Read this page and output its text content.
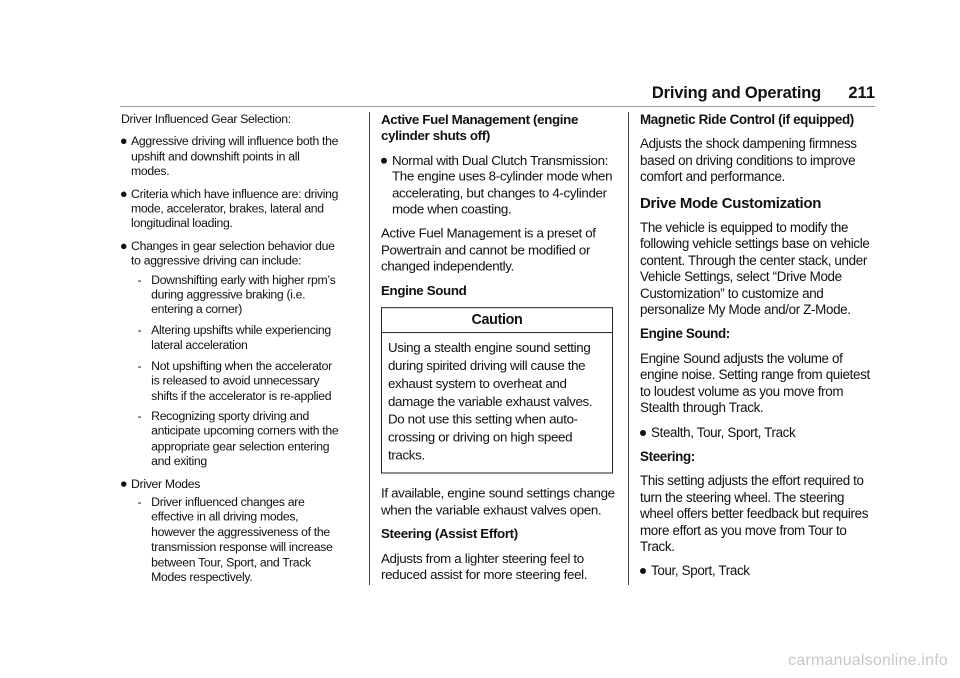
Driving and Operating 211

Driver Influenced Gear Selection:

Aggressive driving will influence both the upshift and downshift points in all modes.
Criteria which have influence are: driving mode, accelerator, brakes, lateral and longitudinal loading.
Changes in gear selection behavior due to aggressive driving can include:
- Downshifting early with higher rpm’s during aggressive braking (i.e. entering a corner)
- Altering upshifts while experiencing lateral acceleration
- Not upshifting when the accelerator is released to avoid unnecessary shifts if the accelerator is re-applied
- Recognizing sporty driving and anticipate upcoming corners with the appropriate gear selection entering and exiting
Driver Modes
- Driver influenced changes are effective in all driving modes, however the aggressiveness of the transmission response will increase between Tour, Sport, and Track Modes respectively.

Active Fuel Management (engine cylinder shuts off)

Normal with Dual Clutch Transmission: The engine uses 8-cylinder mode when accelerating, but changes to 4-cylinder mode when coasting.

Active Fuel Management is a preset of Powertrain and cannot be modified or changed independently.

Engine Sound

Caution
Using a stealth engine sound setting during spirited driving will cause the exhaust system to overheat and damage the variable exhaust valves. Do not use this setting when auto-crossing or driving on high speed tracks.

If available, engine sound settings change when the variable exhaust valves open.

Steering (Assist Effort)

Adjusts from a lighter steering feel to reduced assist for more steering feel.

Magnetic Ride Control (if equipped)

Adjusts the shock dampening firmness based on driving conditions to improve comfort and performance.

Drive Mode Customization

The vehicle is equipped to modify the following vehicle settings base on vehicle content. Through the center stack, under Vehicle Settings, select “Drive Mode Customization” to customize and personalize My Mode and/or Z-Mode.

Engine Sound:

Engine Sound adjusts the volume of engine noise. Setting range from quietest to loudest volume as you move from Stealth through Track.

Stealth, Tour, Sport, Track

Steering:

This setting adjusts the effort required to turn the steering wheel. The steering wheel offers better feedback but requires more effort as you move from Tour to Track.

Tour, Sport, Track
carmanualsonline.info
